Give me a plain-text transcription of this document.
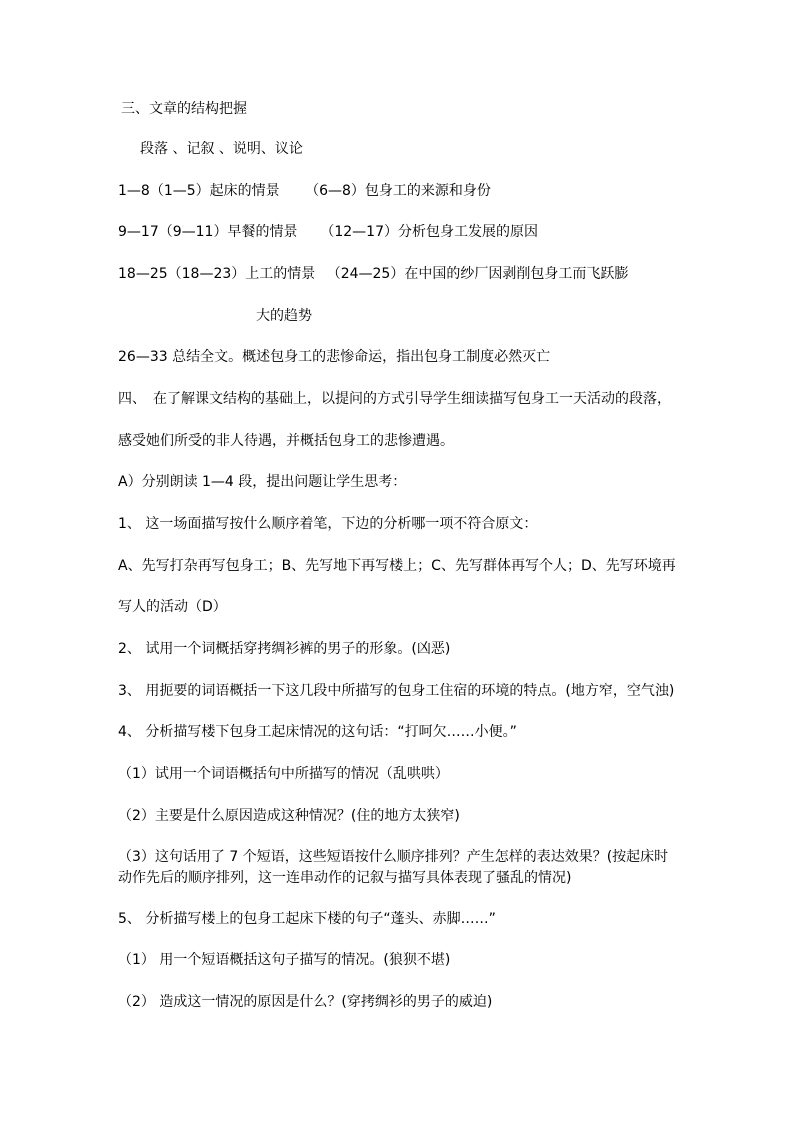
三、文章的结构把握
段落 、记叙 、说明、议论
1—8（1—5）起床的情景 　　（6—8）包身工的来源和身份
9—17（9—11）早餐的情景 　 （12—17）分析包身工发展的原因
18—25（18—23）上工的情景 　（24—25）在中国的纱厂因剥削包身工而飞跃膨
大的趋势
26—33 总结全文。概述包身工的悲惨命运，指出包身工制度必然灭亡
四、　在了解课文结构的基础上，以提问的方式引导学生细读描写包身工一天活动的段落，
感受她们所受的非人待遇，并概括包身工的悲惨遭遇。
A）分别朗读 1—4 段，提出问题让学生思考：
1、 这一场面描写按什么顺序着笔，下边的分析哪一项不符合原文：
A、先写打杂再写包身工；B、先写地下再写楼上；C、先写群体再写个人；D、先写环境再
写人的活动（D）
2、 试用一个词概括穿拷绸衫裤的男子的形象。(凶恶)
3、 用扼要的词语概括一下这几段中所描写的包身工住宿的环境的特点。(地方窄，空气浊)
4、 分析描写楼下包身工起床情况的这句话：“打呵欠……小便。”
（1）试用一个词语概括句中所描写的情况（乱哄哄）
（2）主要是什么原因造成这种情况？(住的地方太狭窄)
（3）这句话用了 7 个短语，这些短语按什么顺序排列？产生怎样的表达效果？(按起床时
动作先后的顺序排列，这一连串动作的记叙与描写具体表现了骚乱的情况)
5、 分析描写楼上的包身工起床下楼的句子“蓬头、赤脚……”
（1） 用一个短语概括这句子描写的情况。(狼狈不堪)
（2） 造成这一情况的原因是什么？(穿拷绸衫的男子的威迫)
